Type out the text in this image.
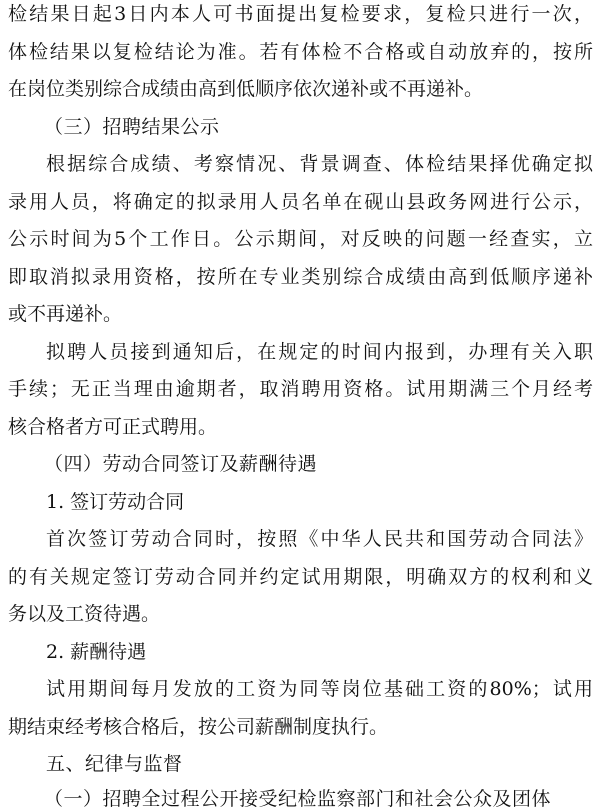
检结果日起3日内本人可书面提出复检要求，复检只进行一次，
体检结果以复检结论为准。若有体检不合格或自动放弃的，按所
在岗位类别综合成绩由高到低顺序依次递补或不再递补。
（三）招聘结果公示
根据综合成绩、考察情况、背景调查、体检结果择优确定拟
录用人员，将确定的拟录用人员名单在砚山县政务网进行公示，
公示时间为5个工作日。公示期间，对反映的问题一经查实，立
即取消拟录用资格，按所在专业类别综合成绩由高到低顺序递补
或不再递补。
拟聘人员接到通知后，在规定的时间内报到，办理有关入职
手续；无正当理由逾期者，取消聘用资格。试用期满三个月经考
核合格者方可正式聘用。
（四）劳动合同签订及薪酬待遇
1. 签订劳动合同
首次签订劳动合同时，按照《中华人民共和国劳动合同法》
的有关规定签订劳动合同并约定试用期限，明确双方的权利和义
务以及工资待遇。
2. 薪酬待遇
试用期间每月发放的工资为同等岗位基础工资的80%；试用
期结束经考核合格后，按公司薪酬制度执行。
五、纪律与监督
（一）招聘全过程公开接受纪检监察部门和社会公众及团体
